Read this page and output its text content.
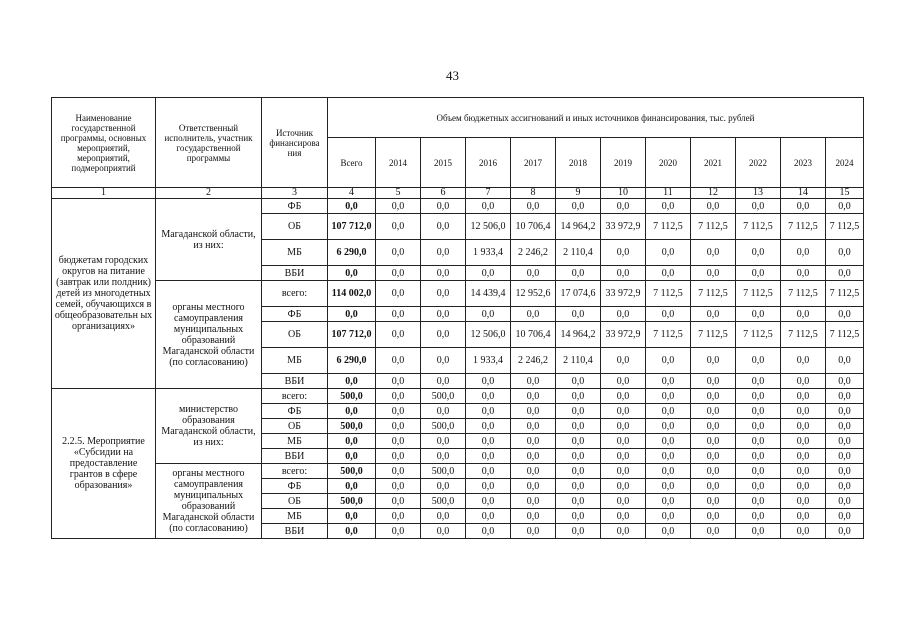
43
Наименование государственной программы, основных мероприятий, мероприятий, подмероприятий	Ответственный исполнитель, участник государственной программы	Источник финансирова ния	Объем бюджетных ассигнований и иных источников финансирования, тыс. рублей											
			Всего	2014	2015	2016	2017	2018	2019	2020	2021	2022	2023	2024
1	2	3	4	5	6	7	8	9	10	11	12	13	14	15
бюджетам городских округов на питание (завтрак или полдник) детей из многодетных семей, обучающихся в общеобразовательн ых организациях»	Магаданской области, из них:	ФБ	0,0	0,0	0,0	0,0	0,0	0,0	0,0	0,0	0,0	0,0	0,0	0,0
		ОБ	107 712,0	0,0	0,0	12 506,0	10 706,4	14 964,2	33 972,9	7 112,5	7 112,5	7 112,5	7 112,5	7 112,5
		МБ	6 290,0	0,0	0,0	1 933,4	2 246,2	2 110,4	0,0	0,0	0,0	0,0	0,0	0,0
		ВБИ	0,0	0,0	0,0	0,0	0,0	0,0	0,0	0,0	0,0	0,0	0,0	0,0
	органы местного самоуправления муниципальных образований Магаданской области (по согласованию)	всего:	114 002,0	0,0	0,0	14 439,4	12 952,6	17 074,6	33 972,9	7 112,5	7 112,5	7 112,5	7 112,5	7 112,5
		ФБ	0,0	0,0	0,0	0,0	0,0	0,0	0,0	0,0	0,0	0,0	0,0	0,0
		ОБ	107 712,0	0,0	0,0	12 506,0	10 706,4	14 964,2	33 972,9	7 112,5	7 112,5	7 112,5	7 112,5	7 112,5
		МБ	6 290,0	0,0	0,0	1 933,4	2 246,2	2 110,4	0,0	0,0	0,0	0,0	0,0	0,0
		ВБИ	0,0	0,0	0,0	0,0	0,0	0,0	0,0	0,0	0,0	0,0	0,0	0,0
2.2.5. Мероприятие «Субсидии на предоставление грантов в сфере образования»	министерство образования Магаданской области, из них:	всего:	500,0	0,0	500,0	0,0	0,0	0,0	0,0	0,0	0,0	0,0	0,0	0,0
		ФБ	0,0	0,0	0,0	0,0	0,0	0,0	0,0	0,0	0,0	0,0	0,0	0,0
		ОБ	500,0	0,0	500,0	0,0	0,0	0,0	0,0	0,0	0,0	0,0	0,0	0,0
		МБ	0,0	0,0	0,0	0,0	0,0	0,0	0,0	0,0	0,0	0,0	0,0	0,0
		ВБИ	0,0	0,0	0,0	0,0	0,0	0,0	0,0	0,0	0,0	0,0	0,0	0,0
	органы местного самоуправления муниципальных образований Магаданской области (по согласованию)	всего:	500,0	0,0	500,0	0,0	0,0	0,0	0,0	0,0	0,0	0,0	0,0	0,0
		ФБ	0,0	0,0	0,0	0,0	0,0	0,0	0,0	0,0	0,0	0,0	0,0	0,0
		ОБ	500,0	0,0	500,0	0,0	0,0	0,0	0,0	0,0	0,0	0,0	0,0	0,0
		МБ	0,0	0,0	0,0	0,0	0,0	0,0	0,0	0,0	0,0	0,0	0,0	0,0
		ВБИ	0,0	0,0	0,0	0,0	0,0	0,0	0,0	0,0	0,0	0,0	0,0	0,0
